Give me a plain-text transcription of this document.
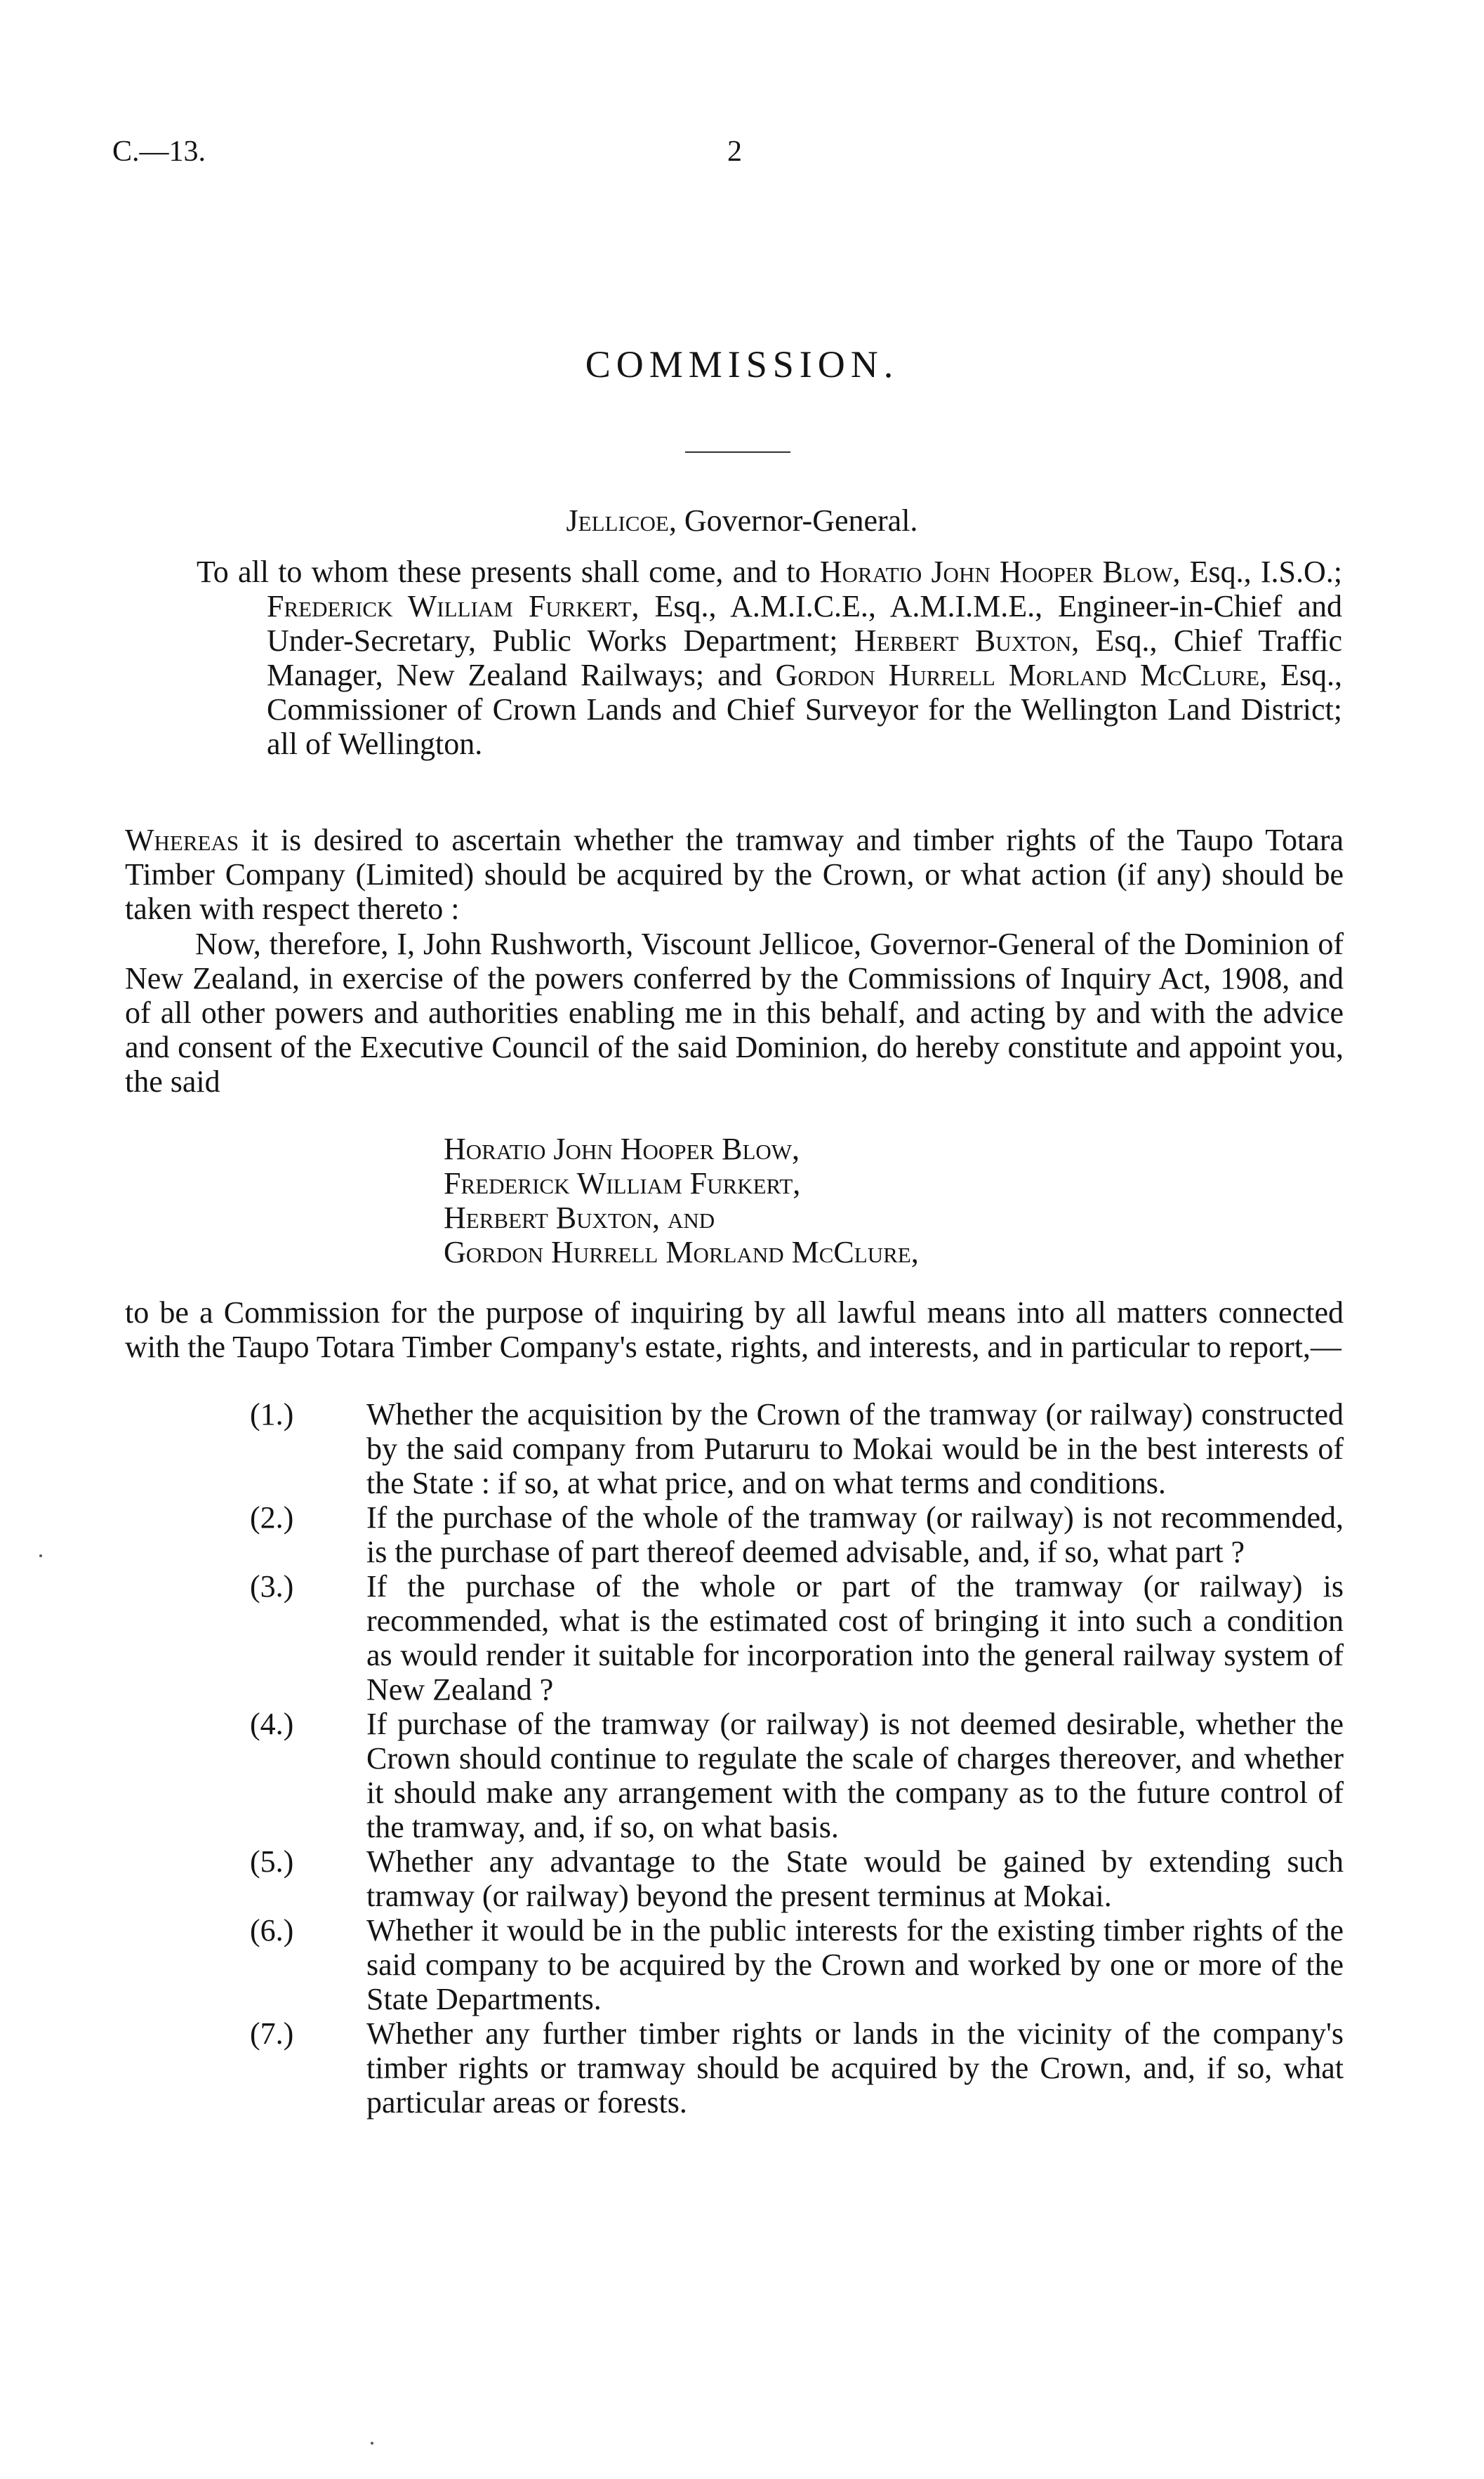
C.—13.	2
COMMISSION.
Jellicoe, Governor-General.
To all to whom these presents shall come, and to Horatio John Hooper Blow, Esq., I.S.O.; Frederick William Furkert, Esq., A.M.I.C.E., A.M.I.M.E., Engineer-in-Chief and Under-Secretary, Public Works Department; Herbert Buxton, Esq., Chief Traffic Manager, New Zealand Railways; and Gordon Hurrell Morland McClure, Esq., Commissioner of Crown Lands and Chief Surveyor for the Wellington Land District; all of Wellington.
Whereas it is desired to ascertain whether the tramway and timber rights of the Taupo Totara Timber Company (Limited) should be acquired by the Crown, or what action (if any) should be taken with respect thereto :
Now, therefore, I, John Rushworth, Viscount Jellicoe, Governor-General of the Dominion of New Zealand, in exercise of the powers conferred by the Commissions of Inquiry Act, 1908, and of all other powers and authorities enabling me in this behalf, and acting by and with the advice and consent of the Executive Council of the said Dominion, do hereby constitute and appoint you, the said
Horatio John Hooper Blow,
Frederick William Furkert,
Herbert Buxton, and
Gordon Hurrell Morland McClure,
to be a Commission for the purpose of inquiring by all lawful means into all matters connected with the Taupo Totara Timber Company's estate, rights, and interests, and in particular to report,—
(1.) Whether the acquisition by the Crown of the tramway (or railway) constructed by the said company from Putaruru to Mokai would be in the best interests of the State : if so, at what price, and on what terms and conditions.
(2.) If the purchase of the whole of the tramway (or railway) is not recommended, is the purchase of part thereof deemed advisable, and, if so, what part ?
(3.) If the purchase of the whole or part of the tramway (or railway) is recommended, what is the estimated cost of bringing it into such a condition as would render it suitable for incorporation into the general railway system of New Zealand ?
(4.) If purchase of the tramway (or railway) is not deemed desirable, whether the Crown should continue to regulate the scale of charges thereover, and whether it should make any arrangement with the company as to the future control of the tramway, and, if so, on what basis.
(5.) Whether any advantage to the State would be gained by extending such tramway (or railway) beyond the present terminus at Mokai.
(6.) Whether it would be in the public interests for the existing timber rights of the said company to be acquired by the Crown and worked by one or more of the State Departments.
(7.) Whether any further timber rights or lands in the vicinity of the company's timber rights or tramway should be acquired by the Crown, and, if so, what particular areas or forests.
